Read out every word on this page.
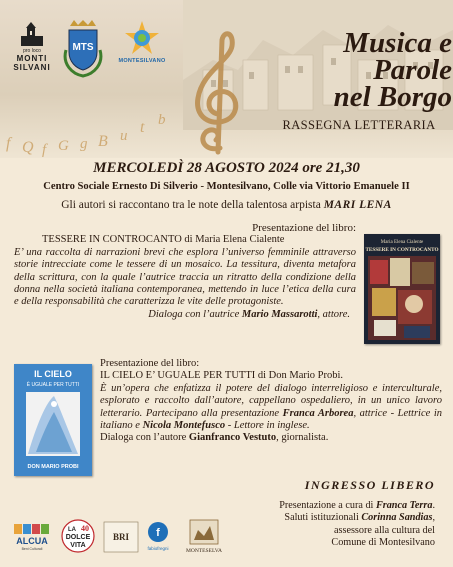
f Q f G g B u t b
pro loco
MONTI
SILVANI
MTS
MONTESILVANO
Musica e
Parole
nel Borgo
RASSEGNA LETTERARIA
MERCOLEDÌ 28 AGOSTO 2024 ore 21,30
Centro Sociale Ernesto Di Silverio - Montesilvano, Colle via Vittorio Emanuele II
Gli autori si raccontano tra le note della talentosa arpista MARI LENA
Presentazione del libro:
TESSERE IN CONTROCANTO di Maria Elena Cialente
E’ una raccolta di narrazioni brevi che esplora l’universo femminile attraverso storie intrecciate come le tessere di un mosaico. La tessitura, diventa metafora della scrittura, con la quale l’autrice traccia un ritratto della condizione della donna nella società italiana contemporanea, mettendo in luce l’etica della cura e della responsabilità che caratterizza le vite delle protagoniste.
Dialoga con l’autrice Mario Massarotti, attore.
Maria Elena Cialente
TESSERE IN CONTROCANTO
IL CIELO
È UGUALE PER TUTTI
DON MARIO PROBI
Presentazione del libro:
IL CIELO E’ UGUALE PER TUTTI di Don Mario Probi.
È un’opera che enfatizza il potere del dialogo interreligioso e interculturale, esplorato e raccolto dall’autore, cappellano ospedaliero, in un unico lavoro letterario. Partecipano alla presentazione Franca Arborea, attrice - Lettrice in italiano e Nicola Montefusco - Lettore in inglese.
Dialoga con l’autore Gianfranco Vestuto, giornalista.
INGRESSO LIBERO
Presentazione a cura di Franca Terra.
Saluti istituzionali Corinna Sandias,
assessore alla cultura del
Comune di Montesilvano
ALCUA
Beni Culturali
LA 40
DOLCE
VITA
BRI f
fabiofregni	MONTESELVA
